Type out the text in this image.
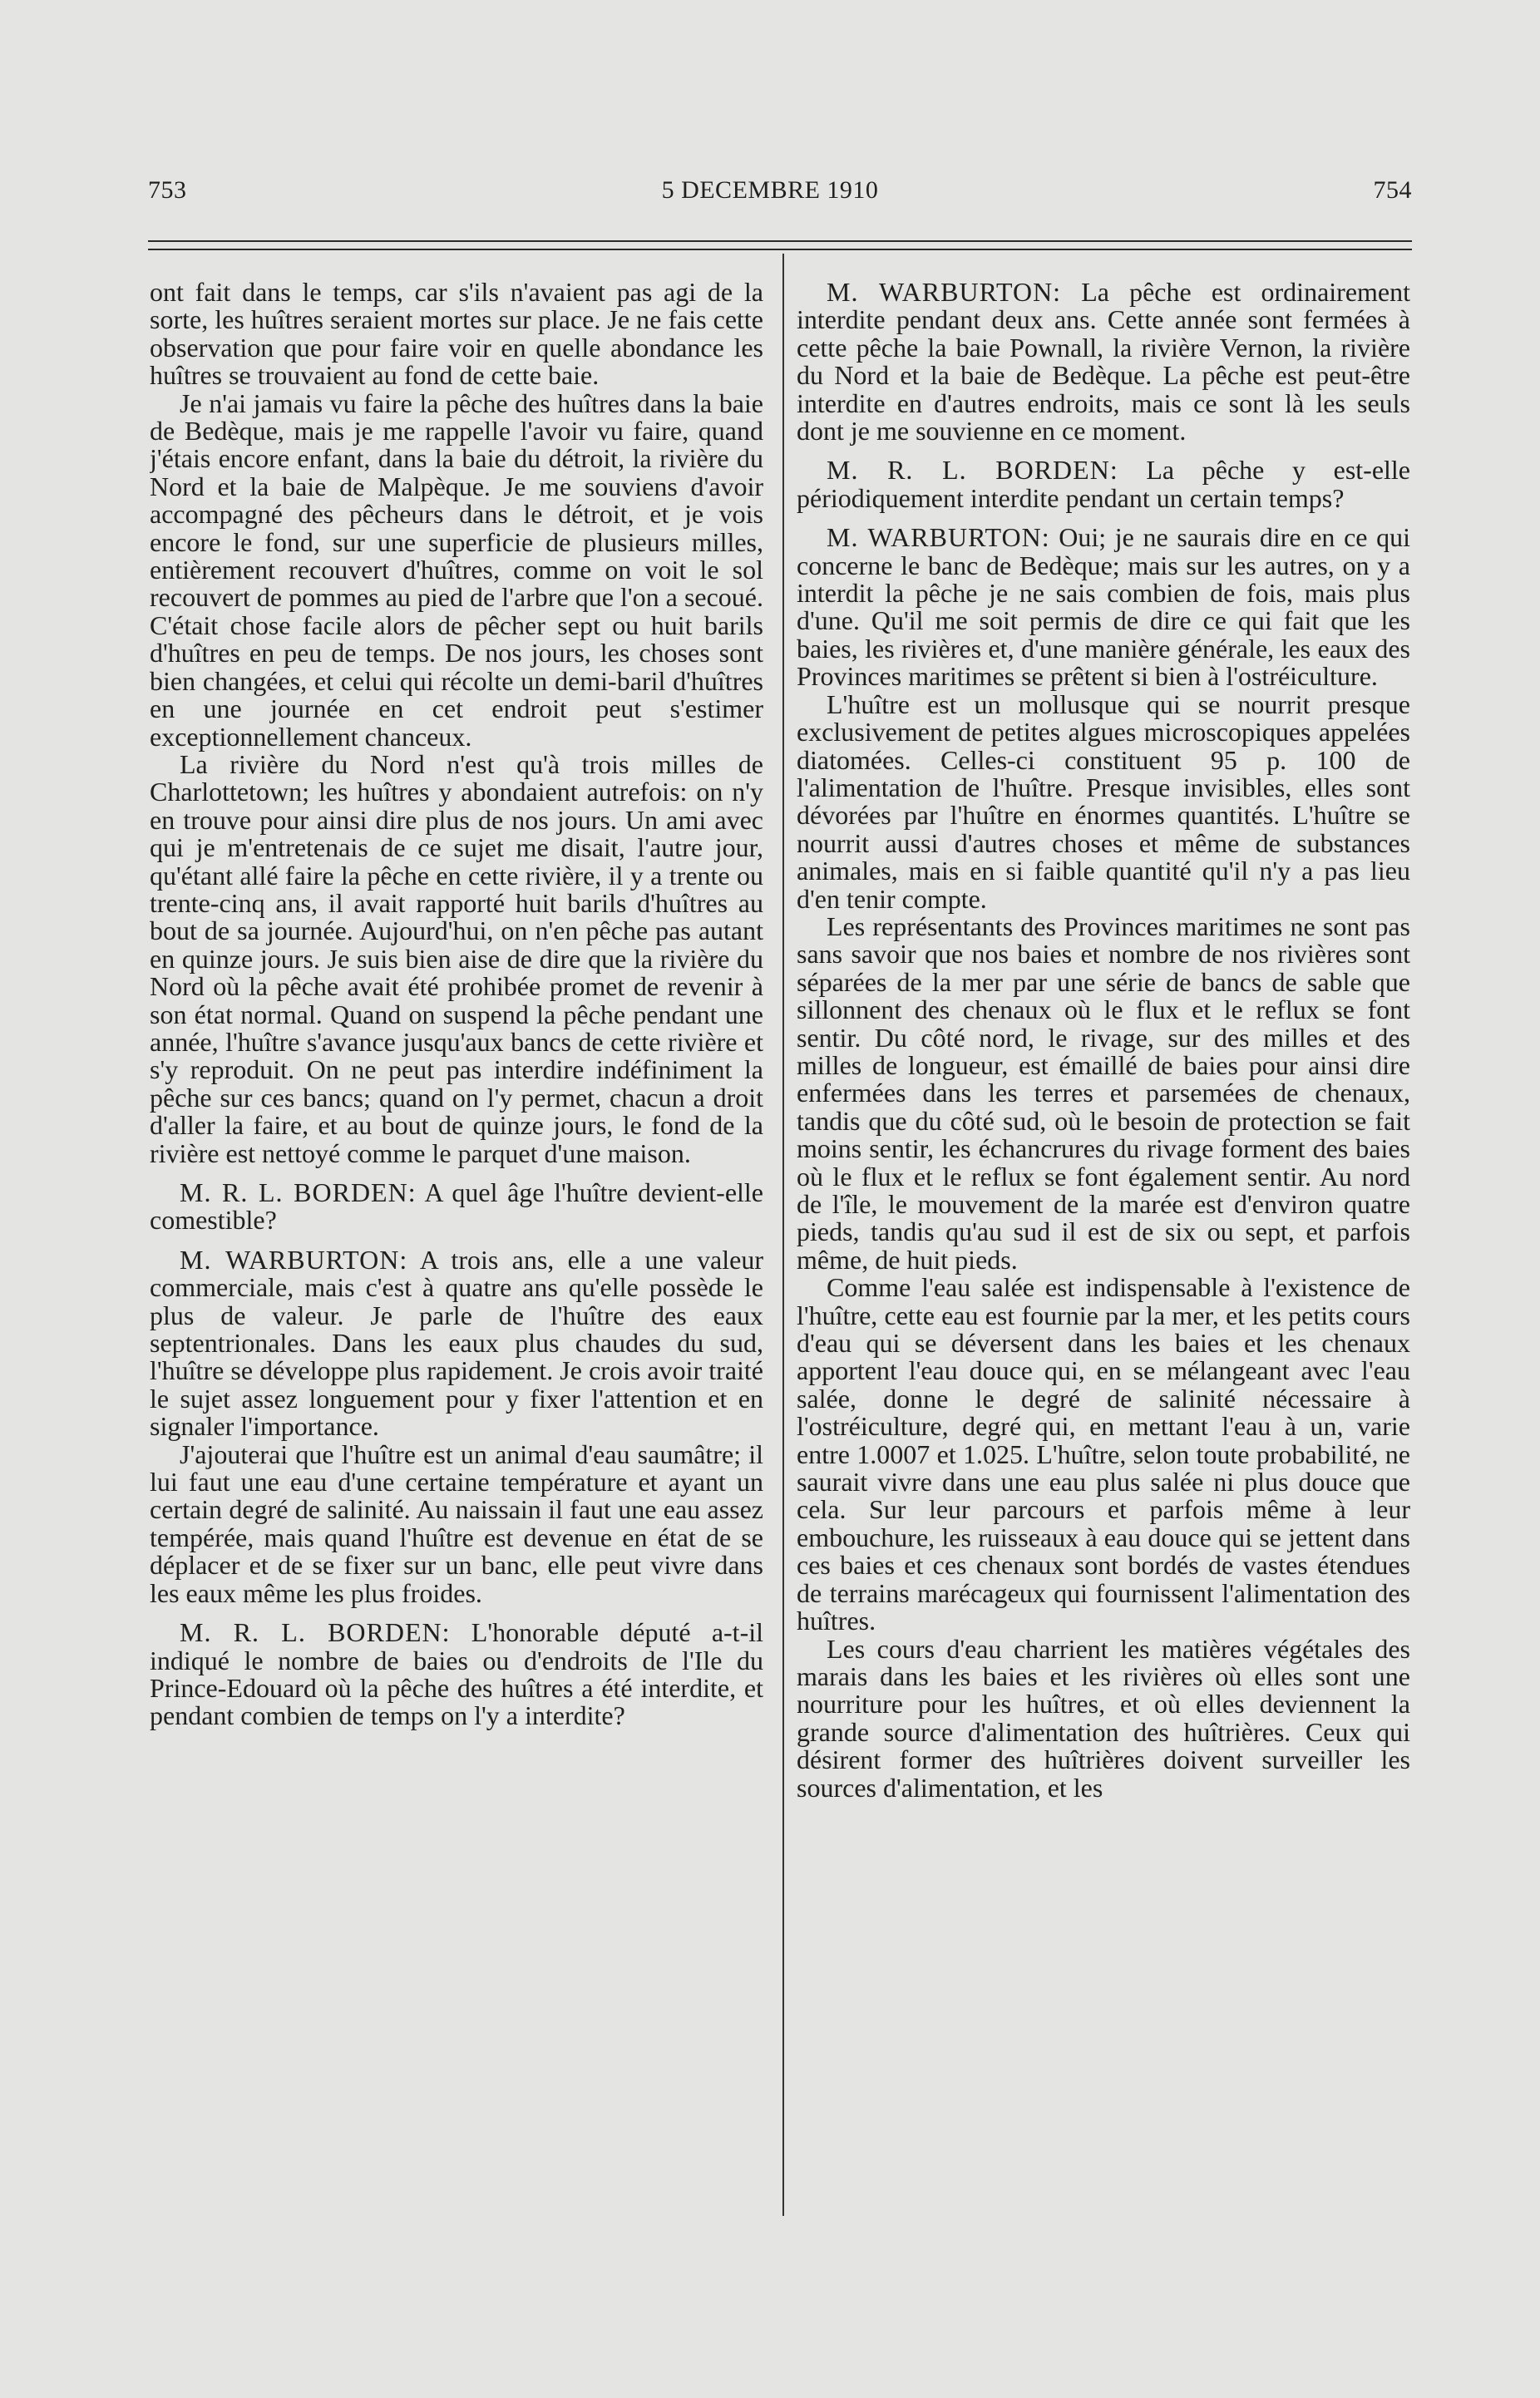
753	5 DECEMBRE 1910	754

ont fait dans le temps, car s'ils n'avaient pas agi de la sorte, les huîtres seraient mortes sur place. Je ne fais cette observation que pour faire voir en quelle abondance les huîtres se trouvaient au fond de cette baie.

Je n'ai jamais vu faire la pêche des huîtres dans la baie de Bedèque, mais je me rappelle l'avoir vu faire, quand j'étais encore enfant, dans la baie du détroit, la rivière du Nord et la baie de Malpèque. Je me souviens d'avoir accompagné des pêcheurs dans le détroit, et je vois encore le fond, sur une superficie de plusieurs milles, entièrement recouvert d'huîtres, comme on voit le sol recouvert de pommes au pied de l'arbre que l'on a secoué. C'était chose facile alors de pêcher sept ou huit barils d'huîtres en peu de temps. De nos jours, les choses sont bien changées, et celui qui récolte un demi-baril d'huîtres en une journée en cet endroit peut s'estimer exceptionnellement chanceux.

La rivière du Nord n'est qu'à trois milles de Charlottetown; les huîtres y abondaient autrefois: on n'y en trouve pour ainsi dire plus de nos jours. Un ami avec qui je m'entretenais de ce sujet me disait, l'autre jour, qu'étant allé faire la pêche en cette rivière, il y a trente ou trente-cinq ans, il avait rapporté huit barils d'huîtres au bout de sa journée. Aujourd'hui, on n'en pêche pas autant en quinze jours. Je suis bien aise de dire que la rivière du Nord où la pêche avait été prohibée promet de revenir à son état normal. Quand on suspend la pêche pendant une année, l'huître s'avance jusqu'aux bancs de cette rivière et s'y reproduit. On ne peut pas interdire indéfiniment la pêche sur ces bancs; quand on l'y permet, chacun a droit d'aller la faire, et au bout de quinze jours, le fond de la rivière est nettoyé comme le parquet d'une maison.

M. R. L. BORDEN: A quel âge l'huître devient-elle comestible?

M. WARBURTON: A trois ans, elle a une valeur commerciale, mais c'est à quatre ans qu'elle possède le plus de valeur. Je parle de l'huître des eaux septentrionales. Dans les eaux plus chaudes du sud, l'huître se développe plus rapidement. Je crois avoir traité le sujet assez longuement pour y fixer l'attention et en signaler l'importance.

J'ajouterai que l'huître est un animal d'eau saumâtre; il lui faut une eau d'une certaine température et ayant un certain degré de salinité. Au naissain il faut une eau assez tempérée, mais quand l'huître est devenue en état de se déplacer et de se fixer sur un banc, elle peut vivre dans les eaux même les plus froides.

M. R. L. BORDEN: L'honorable député a-t-il indiqué le nombre de baies ou d'endroits de l'Ile du Prince-Edouard où la pêche des huîtres a été interdite, et pendant combien de temps on l'y a interdite?

M. WARBURTON: La pêche est ordinairement interdite pendant deux ans. Cette année sont fermées à cette pêche la baie Pownall, la rivière Vernon, la rivière du Nord et la baie de Bedèque. La pêche est peut-être interdite en d'autres endroits, mais ce sont là les seuls dont je me souvienne en ce moment.

M. R. L. BORDEN: La pêche y est-elle périodiquement interdite pendant un certain temps?

M. WARBURTON: Oui; je ne saurais dire en ce qui concerne le banc de Bedèque; mais sur les autres, on y a interdit la pêche je ne sais combien de fois, mais plus d'une. Qu'il me soit permis de dire ce qui fait que les baies, les rivières et, d'une manière générale, les eaux des Provinces maritimes se prêtent si bien à l'ostréiculture.

L'huître est un mollusque qui se nourrit presque exclusivement de petites algues microscopiques appelées diatomées. Celles-ci constituent 95 p. 100 de l'alimentation de l'huître. Presque invisibles, elles sont dévorées par l'huître en énormes quantités. L'huître se nourrit aussi d'autres choses et même de substances animales, mais en si faible quantité qu'il n'y a pas lieu d'en tenir compte.

Les représentants des Provinces maritimes ne sont pas sans savoir que nos baies et nombre de nos rivières sont séparées de la mer par une série de bancs de sable que sillonnent des chenaux où le flux et le reflux se font sentir. Du côté nord, le rivage, sur des milles et des milles de longueur, est émaillé de baies pour ainsi dire enfermées dans les terres et parsemées de chenaux, tandis que du côté sud, où le besoin de protection se fait moins sentir, les échancrures du rivage forment des baies où le flux et le reflux se font également sentir. Au nord de l'île, le mouvement de la marée est d'environ quatre pieds, tandis qu'au sud il est de six ou sept, et parfois même, de huit pieds.

Comme l'eau salée est indispensable à l'existence de l'huître, cette eau est fournie par la mer, et les petits cours d'eau qui se déversent dans les baies et les chenaux apportent l'eau douce qui, en se mélangeant avec l'eau salée, donne le degré de salinité nécessaire à l'ostréiculture, degré qui, en mettant l'eau à un, varie entre 1.0007 et 1.025. L'huître, selon toute probabilité, ne saurait vivre dans une eau plus salée ni plus douce que cela. Sur leur parcours et parfois même à leur embouchure, les ruisseaux à eau douce qui se jettent dans ces baies et ces chenaux sont bordés de vastes étendues de terrains marécageux qui fournissent l'alimentation des huîtres.

Les cours d'eau charrient les matières végétales des marais dans les baies et les rivières où elles sont une nourriture pour les huîtres, et où elles deviennent la grande source d'alimentation des huîtrières. Ceux qui désirent former des huîtrières doivent surveiller les sources d'alimentation, et les
